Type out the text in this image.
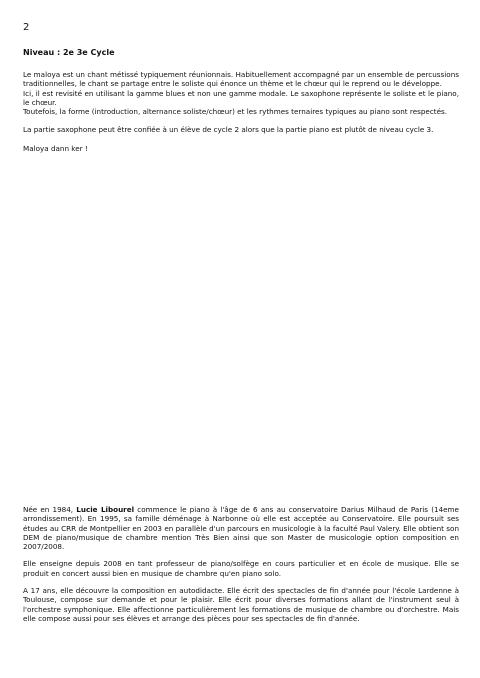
2
Niveau : 2e 3e Cycle

Le maloya est un chant métissé typiquement réunionnais. Habituellement accompagné par un ensemble de percussions traditionnelles, le chant se partage entre le soliste qui énonce un thème et le chœur qui le reprend ou le développe.

Ici, il est revisité en utilisant la gamme blues et non une gamme modale. Le saxophone représente le soliste et le piano, le chœur.

Toutefois, la forme (introduction, alternance soliste/chœur) et les rythmes ternaires typiques au piano sont respectés.

La partie saxophone peut être confiée à un élève de cycle 2 alors que la partie piano est plutôt de niveau cycle 3.

Maloya dann ker !

Née en 1984, Lucie Libourel commence le piano à l'âge de 6 ans au conservatoire Darius Milhaud de Paris (14eme arrondissement). En 1995, sa famille déménage à Narbonne où elle est acceptée au Conservatoire. Elle poursuit ses études au CRR de Montpellier en 2003 en parallèle d'un parcours en musicologie à la faculté Paul Valery. Elle obtient son DEM de piano/musique de chambre mention Très Bien ainsi que son Master de musicologie option composition en 2007/2008.

Elle enseigne depuis 2008 en tant professeur de piano/solfège en cours particulier et en école de musique. Elle se produit en concert aussi bien en musique de chambre qu'en piano solo.

A 17 ans, elle découvre la composition en autodidacte. Elle écrit des spectacles de fin d'année pour l'école Lardenne à Toulouse, compose sur demande et pour le plaisir. Elle écrit pour diverses formations allant de l'instrument seul à l'orchestre symphonique. Elle affectionne particulièrement les formations de musique de chambre ou d'orchestre. Mais elle compose aussi pour ses élèves et arrange des pièces pour ses spectacles de fin d'année.
